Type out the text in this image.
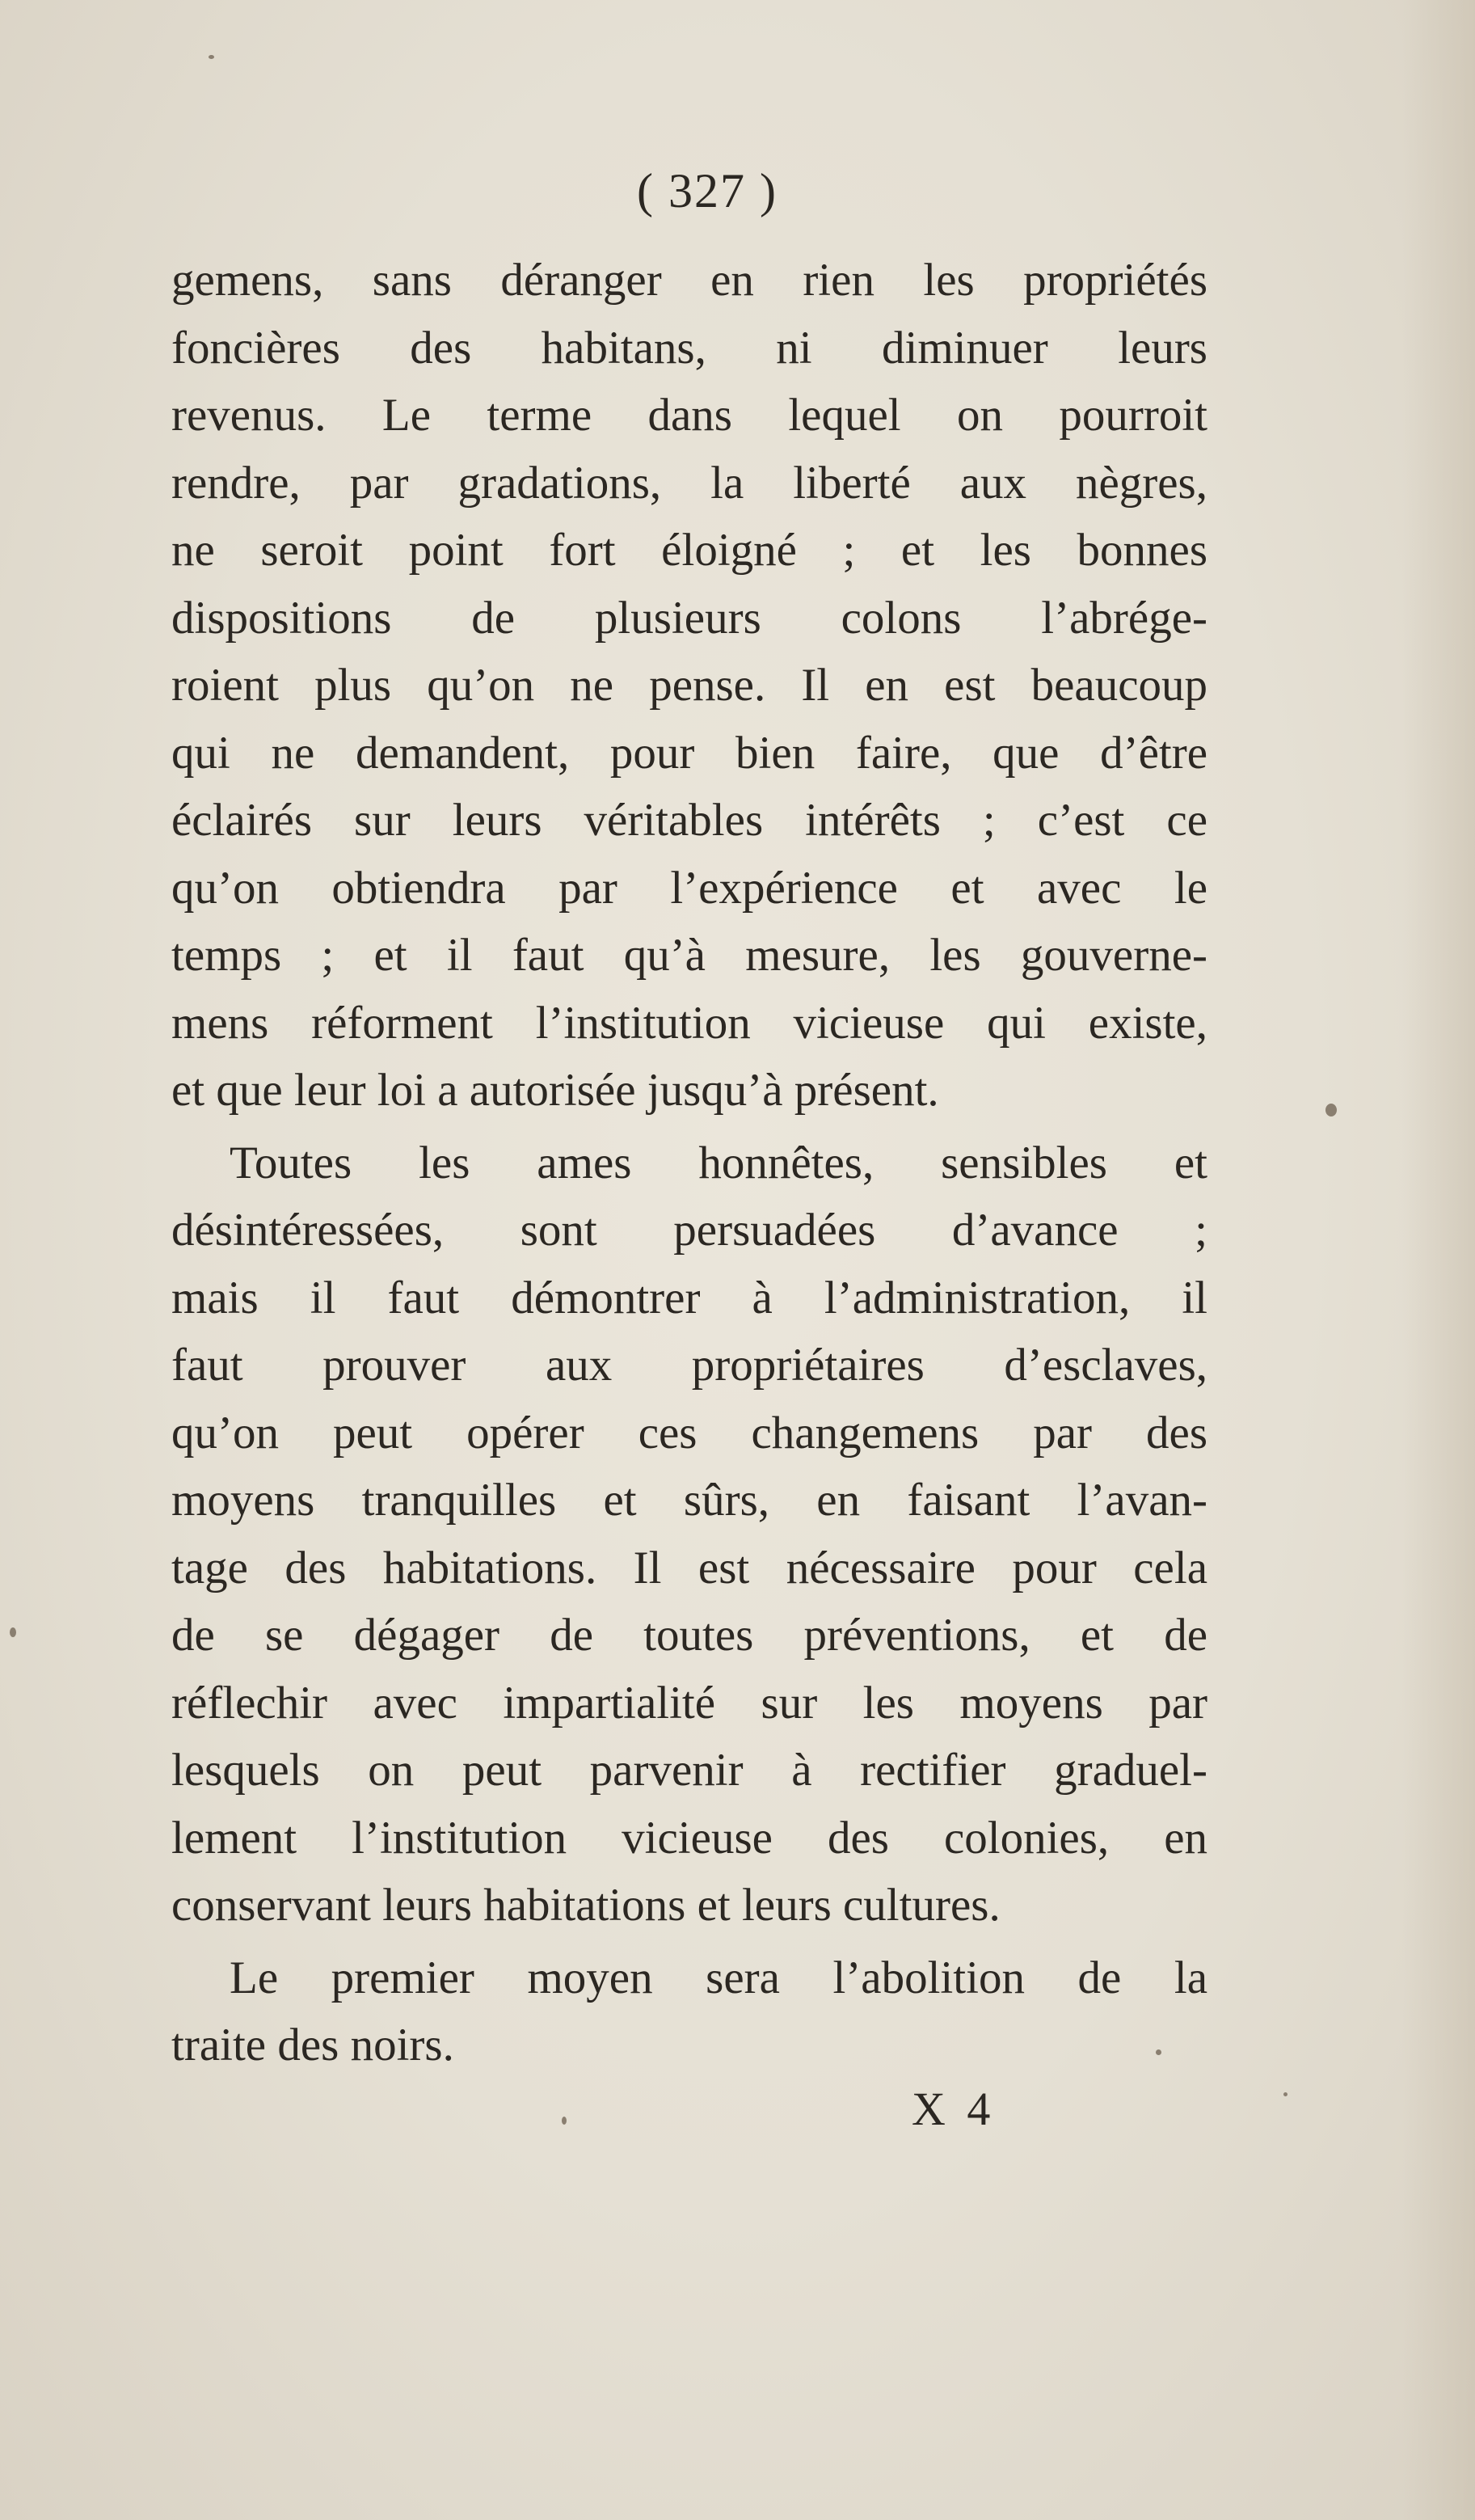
( 327 )
gemens, sans déranger en rien les propriétés
foncières des habitans, ni diminuer leurs
revenus. Le terme dans lequel on pourroit
rendre, par gradations, la liberté aux nègres,
ne seroit point fort éloigné ; et les bonnes
dispositions de plusieurs colons l’abrége-
roient plus qu’on ne pense. Il en est beaucoup
qui ne demandent, pour bien faire, que d’être
éclairés sur leurs véritables intérêts ; c’est ce
qu’on obtiendra par l’expérience et avec le
temps ; et il faut qu’à mesure, les gouverne-
mens réforment l’institution vicieuse qui existe,
et que leur loi a autorisée jusqu’à présent.
Toutes les ames honnêtes, sensibles et
désintéressées, sont persuadées d’avance ;
mais il faut démontrer à l’administration, il
faut prouver aux propriétaires d’esclaves,
qu’on peut opérer ces changemens par des
moyens tranquilles et sûrs, en faisant l’avan-
tage des habitations. Il est nécessaire pour cela
de se dégager de toutes préventions, et de
réflechir avec impartialité sur les moyens par
lesquels on peut parvenir à rectifier graduel-
lement l’institution vicieuse des colonies, en
conservant leurs habitations et leurs cultures.
Le premier moyen sera l’abolition de la
traite des noirs.
X 4
